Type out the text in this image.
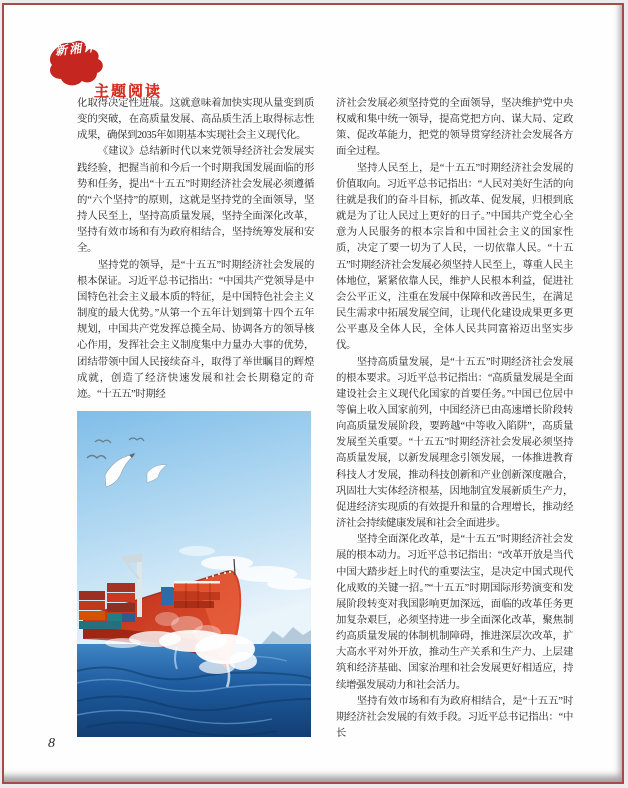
新湘评论
主题阅读

化取得决定性进展。这就意味着加快实现从量变到质变的突破，在高质量发展、高品质生活上取得标志性成果，确保到2035年如期基本实现社会主义现代化。

《建议》总结新时代以来党领导经济社会发展实践经验，把握当前和今后一个时期我国发展面临的形势和任务，提出“十五五”时期经济社会发展必须遵循的“六个坚持”的原则，这就是坚持党的全面领导，坚持人民至上，坚持高质量发展，坚持全面深化改革，坚持有效市场和有为政府相结合，坚持统筹发展和安全。

坚持党的领导，是“十五五”时期经济社会发展的根本保证。习近平总书记指出：“中国共产党领导是中国特色社会主义最本质的特征，是中国特色社会主义制度的最大优势。”从第一个五年计划到第十四个五年规划，中国共产党发挥总揽全局、协调各方的领导核心作用，发挥社会主义制度集中力量办大事的优势，团结带领中国人民接续奋斗，取得了举世瞩目的辉煌成就，创造了经济快速发展和社会长期稳定的奇迹。“十五五”时期经

济社会发展必须坚持党的全面领导，坚决维护党中央权威和集中统一领导，提高党把方向、谋大局、定政策、促改革能力，把党的领导贯穿经济社会发展各方面全过程。

坚持人民至上，是“十五五”时期经济社会发展的价值取向。习近平总书记指出：“人民对美好生活的向往就是我们的奋斗目标，抓改革、促发展，归根到底就是为了让人民过上更好的日子。”中国共产党全心全意为人民服务的根本宗旨和中国社会主义的国家性质，决定了要一切为了人民，一切依靠人民。“十五五”时期经济社会发展必须坚持人民至上，尊重人民主体地位，紧紧依靠人民，维护人民根本利益，促进社会公平正义，注重在发展中保障和改善民生，在满足民生需求中拓展发展空间，让现代化建设成果更多更公平惠及全体人民，全体人民共同富裕迈出坚实步伐。

坚持高质量发展，是“十五五”时期经济社会发展的根本要求。习近平总书记指出：“高质量发展是全面建设社会主义现代化国家的首要任务。”中国已位居中等偏上收入国家前列，中国经济已由高速增长阶段转向高质量发展阶段，要跨越“中等收入陷阱”，高质量发展至关重要。“十五五”时期经济社会发展必须坚持高质量发展，以新发展理念引领发展，一体推进教育科技人才发展，推动科技创新和产业创新深度融合，巩固壮大实体经济根基，因地制宜发展新质生产力，促进经济实现质的有效提升和量的合理增长，推动经济社会持续健康发展和社会全面进步。

坚持全面深化改革，是“十五五”时期经济社会发展的根本动力。习近平总书记指出：“改革开放是当代中国大踏步赶上时代的重要法宝，是决定中国式现代化成败的关键一招。”“十五五”时期国际形势演变和发展阶段转变对我国影响更加深远，面临的改革任务更加复杂艰巨，必须坚持进一步全面深化改革，聚焦制约高质量发展的体制机制障碍，推进深层次改革，扩大高水平对外开放，推动生产关系和生产力、上层建筑和经济基础、国家治理和社会发展更好相适应，持续增强发展动力和社会活力。

坚持有效市场和有为政府相结合，是“十五五”时期经济社会发展的有效手段。习近平总书记指出：“中长

8
